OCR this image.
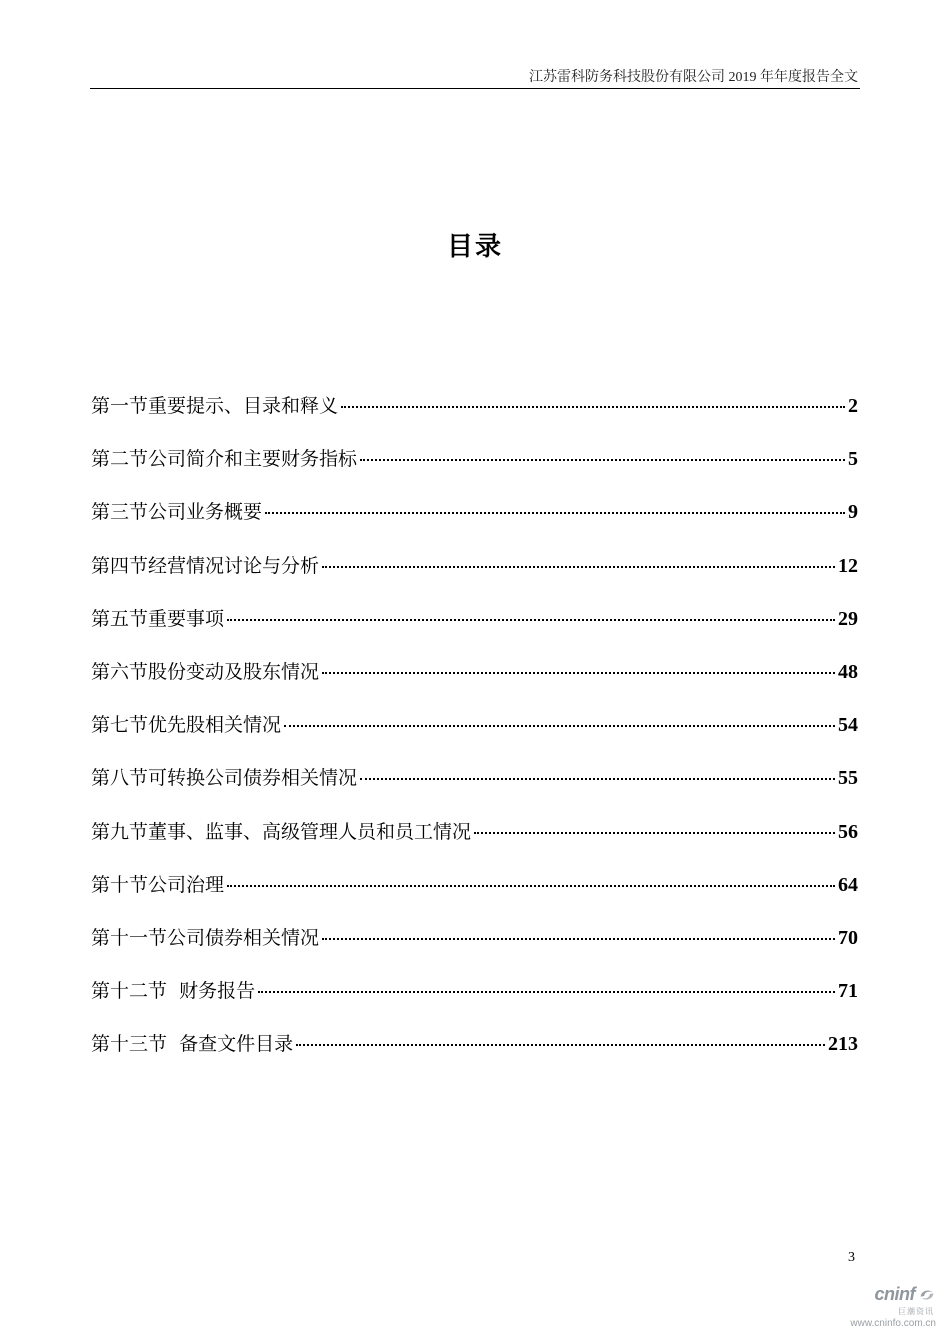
江苏雷科防务科技股份有限公司 2019 年年度报告全文
目录
第一节重要提示、目录和释义	2
第二节公司简介和主要财务指标	5
第三节公司业务概要	9
第四节经营情况讨论与分析	12
第五节重要事项	29
第六节股份变动及股东情况	48
第七节优先股相关情况	54
第八节可转换公司债券相关情况	55
第九节董事、监事、高级管理人员和员工情况	56
第十节公司治理	64
第十一节公司债券相关情况	70
第十二节  财务报告	71
第十三节  备查文件目录	213
3
cninf
巨潮资讯
www.cninfo.com.cn
